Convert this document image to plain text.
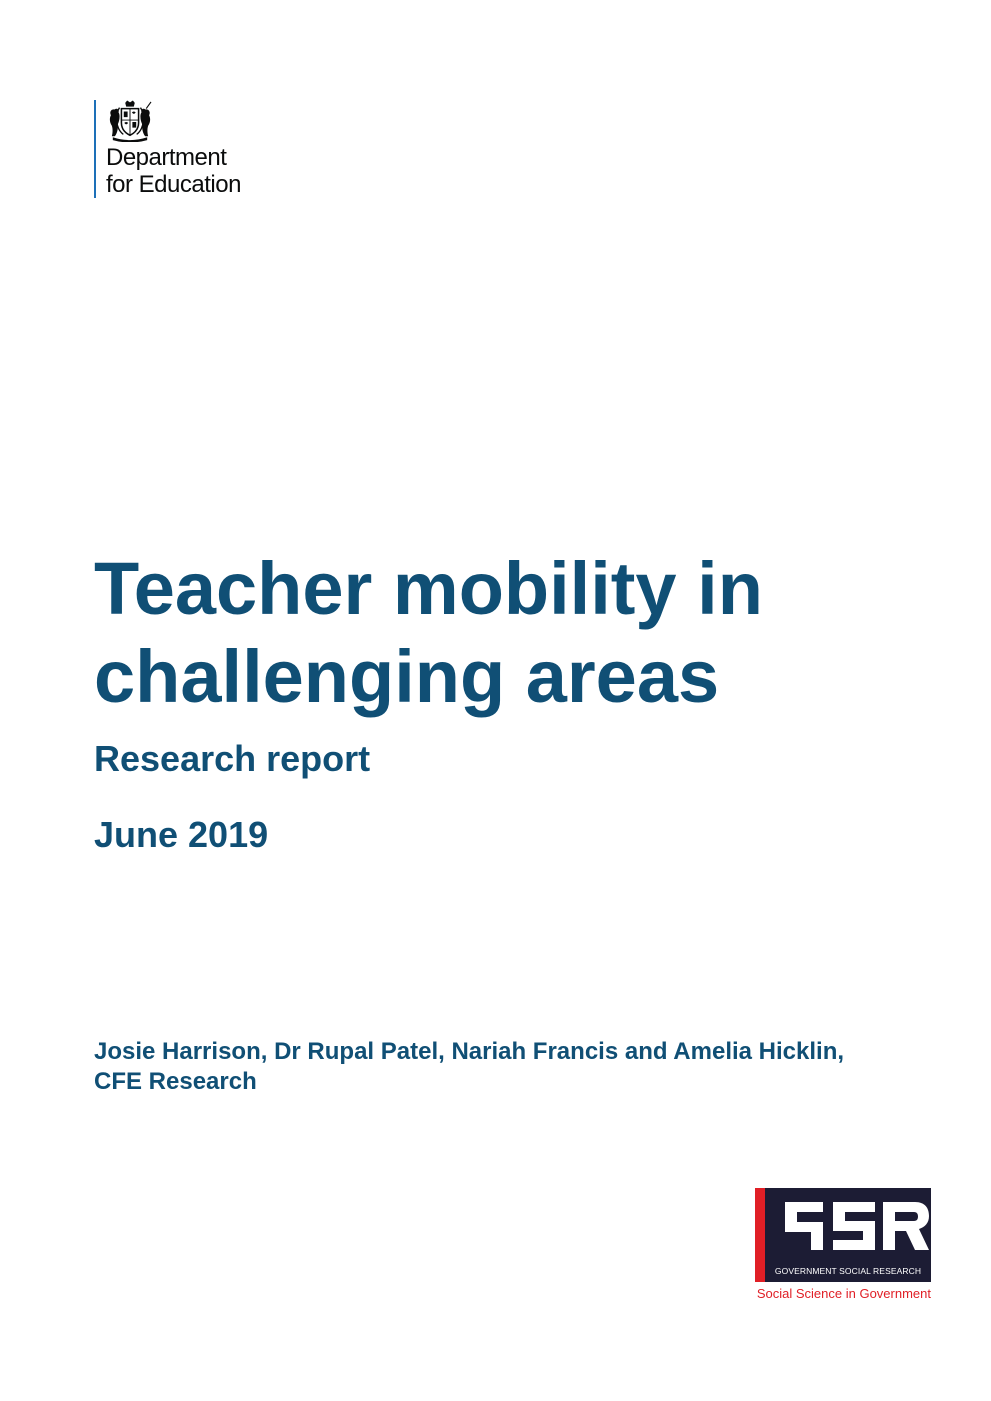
Department
for Education
Teacher mobility in challenging areas
Research report
June 2019

Josie Harrison, Dr Rupal Patel, Nariah Francis and Amelia Hicklin, CFE Research

GOVERNMENT SOCIAL RESEARCH
Social Science in Government
